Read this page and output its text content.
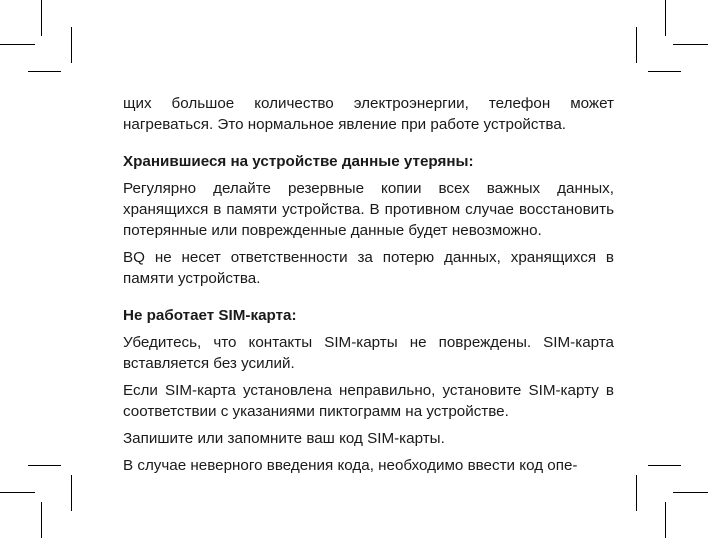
щих большое количество электроэнергии, телефон может нагреваться. Это нормальное явление при работе устройства.

Хранившиеся на устройстве данные утеряны:

Регулярно делайте резервные копии всех важных данных, хранящихся в памяти устройства. В противном случае восстановить потерянные или поврежденные данные будет невозможно.

BQ не несет ответственности за потерю данных, хранящихся в памяти устройства.

Не работает SIM-карта:

Убедитесь, что контакты SIM-карты не повреждены. SIM-карта вставляется без усилий.

Если SIM-карта установлена неправильно, установите SIM-карту в соответствии с указаниями пиктограмм на устройстве.

Запишите или запомните ваш код SIM-карты.

В случае неверного введения кода, необходимо ввести код опе-
